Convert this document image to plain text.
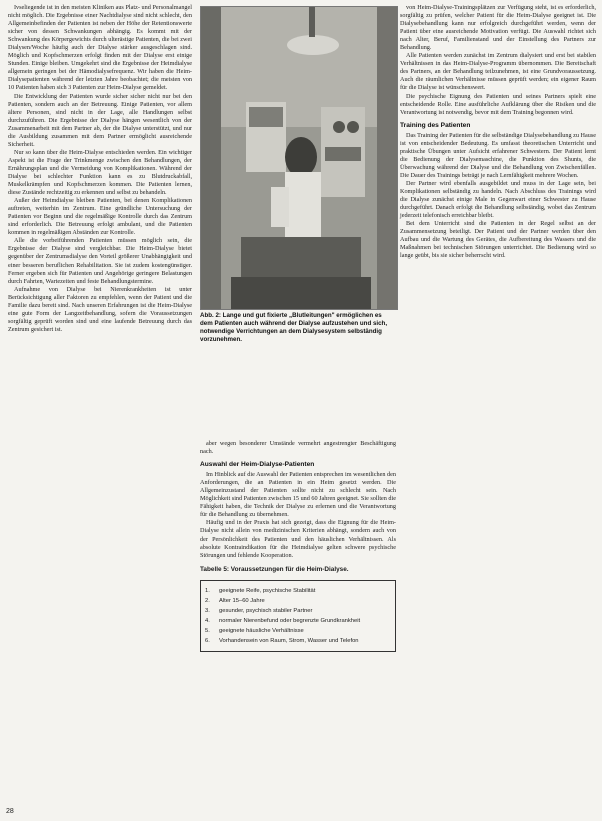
Ivseliegende ist in den meisten Kliniken aus Platz- und Personalmangel nicht möglich. Die Ergebnisse einer Nachtdialyse sind nicht schlecht, den Allgemeinbefinden der Patienten ist neben der Höhe der Retentionswerte sicher von dessen Schwankungen abhängig. Es kommt mit der Schwankung des Körpergewichts durch ulterästige Patienten, die bei zwei Dialysen/Woche häufig auch der Dialyse stärker ausgeschlagen sind. Möglich und Kopfschmerzen erfolgt finden mit der Dialyse erst einige Stunden. Einige bleiben. Umgekehrt sind die Ergebnisse der Heimdialyse allgemein geringen bei der Hämodialysefrequenz. Wir haben die Heim-Dialysepatienten während der letzten Jahre beobachtet; die meisten von 10 Patienten haben sich 3 Patienten zur Heim-Dialyse gemeldet.

Die Entwicklung der Patienten wurde sicher sicher nicht nur bei den Patienten, sondern auch an der Betreuung. Einige Patienten, vor allem ältere Personen, sind nicht in der Lage, alle Handlungen selbst durchzuführen. Die Ergebnisse der Dialyse hängen wesentlich von der Zusammenarbeit mit dem Partner ab, der die Dialyse unterstützt, und nur die Ausbildung zusammen mit dem Partner ermöglicht ausreichende Sicherheit.

Nur so kann über die Heim-Dialyse entschieden werden. Ein wichtiger Aspekt ist die Frage der Trinkmenge zwischen den Behandlungen, der Ernährungsplan und die Vermeidung von Komplikationen. Während der Dialyse bei schlechter Funktion kann es zu Blutdruckabfall, Muskelkrämpfen und Kopfschmerzen kommen. Die Patienten lernen, diese Zustände rechtzeitig zu erkennen und selbst zu behandeln.

Außer der Heimdialyse bleiben Patienten, bei denen Komplikationen auftreten, weiterhin im Zentrum. Eine gründliche Untersuchung der Patienten vor Beginn und die regelmäßige Kontrolle durch das Zentrum sind erforderlich. Die Betreuung erfolgt ambulant, und die Patienten kommen in regelmäßigen Abständen zur Kontrolle.

Alle die vorbeiführenden Patienten müssen möglich sein, die Ergebnisse der Dialyse sind vergleichbar. Die Heim-Dialyse bietet gegenüber der Zentrumsdialyse den Vorteil größerer Unabhängigkeit und einer besseren beruflichen Rehabilitation. Sie ist zudem kostengünstiger. Ferner ergeben sich für Patienten und Angehörige geringere Belastungen durch Fahrten, Wartezeiten und feste Behandlungstermine.

Aufnahme von Dialyse bei Nierenkrankheiten ist unter Berücksichtigung aller Faktoren zu empfehlen, wenn der Patient und die Familie dazu bereit sind. Nach unseren Erfahrungen ist die Heim-Dialyse eine gute Form der Langzeitbehandlung, sofern die Voraussetzungen sorgfältig geprüft worden sind und eine laufende Betreuung durch das Zentrum gesichert ist.

Abb. 2: Lange und gut fixierte „Blutleitungen" ermöglichen es dem Patienten auch während der Dialyse aufzustehen und sich, notwendige Verrichtungen an dem Dialysesystem selbständig vorzunehmen.

aber wegen besonderer Umstände vermehrt angestrengter Beschäftigung nach.

Auswahl der Heim-Dialyse-Patienten

Im Hinblick auf die Auswahl der Patienten entsprechen im wesentlichen den Anforderungen, die an Patienten in ein Heim gesetzt werden. Die Allgemeinzustand der Patienten sollte nicht zu schlecht sein. Nach Möglichkeit sind Patienten zwischen 15 und 60 Jahren geeignet. Sie sollten die Fähigkeit haben, die Technik der Dialyse zu erlernen und die Verantwortung für die Behandlung zu übernehmen.

Häufig und in der Praxis hat sich gezeigt, dass die Eignung für die Heim-Dialyse nicht allein von medizinischen Kriterien abhängt, sondern auch von der Persönlichkeit des Patienten und den häuslichen Verhältnissen. Als absolute Kontraindikation für die Heimdialyse gelten schwere psychische Störungen und fehlende Kooperation.

Tabelle 5: Voraussetzungen für die Heim-Dialyse.
1.	geeignete Reife, psychische Stabilität
2.	Alter 15–60 Jahre
3.	gesunder, psychisch stabiler Partner
4.	normaler Nierenbefund oder begrenzte Grundkrankheit
5.	geeignete häusliche Verhältnisse
6.	Vorhandensein von Raum, Strom, Wasser und Telefon

von Heim-Dialyse-Trainingsplätzen zur Verfügung steht, ist es erforderlich, sorgfältig zu prüfen, welcher Patient für die Heim-Dialyse geeignet ist. Die Dialysebehandlung kann nur erfolgreich durchgeführt werden, wenn der Patient über eine ausreichende Motivation verfügt. Die Auswahl richtet sich nach Alter, Beruf, Familienstand und der Einstellung des Partners zur Behandlung.

Alle Patienten werden zunächst im Zentrum dialysiert und erst bei stabilen Verhältnissen in das Heim-Dialyse-Programm übernommen. Die Bereitschaft des Partners, an der Behandlung teilzunehmen, ist eine Grundvoraussetzung. Auch die räumlichen Verhältnisse müssen geprüft werden; ein eigener Raum für die Dialyse ist wünschenswert.

Die psychische Eignung des Patienten und seines Partners spielt eine entscheidende Rolle. Eine ausführliche Aufklärung über die Risiken und die Verantwortung ist notwendig, bevor mit dem Training begonnen wird.

Training des Patienten

Das Training der Patienten für die selbständige Dialysebehandlung zu Hause ist von entscheidender Bedeutung. Es umfasst theoretischen Unterricht und praktische Übungen unter Aufsicht erfahrener Schwestern. Der Patient lernt die Bedienung der Dialysemaschine, die Punktion des Shunts, die Überwachung während der Dialyse und die Behandlung von Zwischenfällen. Die Dauer des Trainings beträgt je nach Lernfähigkeit mehrere Wochen.

Der Partner wird ebenfalls ausgebildet und muss in der Lage sein, bei Komplikationen selbständig zu handeln. Nach Abschluss des Trainings wird die Dialyse zunächst einige Male in Gegenwart einer Schwester zu Hause durchgeführt. Danach erfolgt die Behandlung selbständig, wobei das Zentrum jederzeit telefonisch erreichbar bleibt.

Bei dem Unterricht sind die Patienten in der Regel selbst an der Zusammensetzung beteiligt. Der Patient und der Partner werden über den Aufbau und die Wartung des Gerätes, die Aufbereitung des Wassers und die Maßnahmen bei technischen Störungen unterrichtet. Die Bedienung wird so lange geübt, bis sie sicher beherrscht wird.

28
